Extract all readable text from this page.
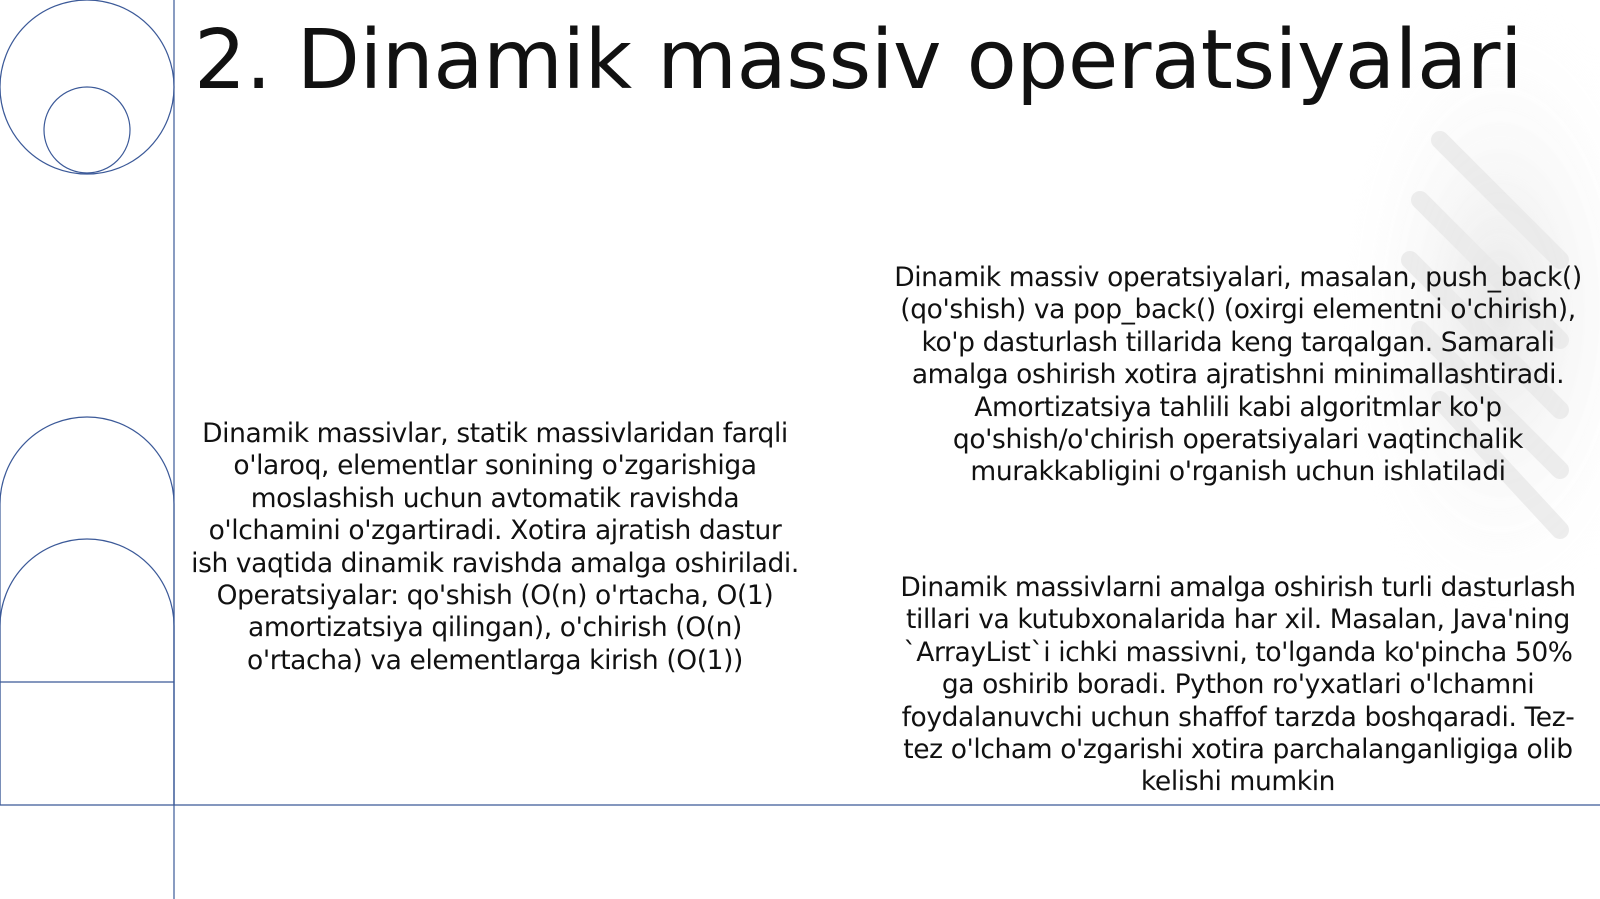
2. Dinamik massiv operatsiyalari

Dinamik massivlar, statik massivlaridan farqli o'laroq, elementlar sonining o'zgarishiga moslashish uchun avtomatik ravishda o'lchamini o'zgartiradi. Xotira ajratish dastur ish vaqtida dinamik ravishda amalga oshiriladi. Operatsiyalar: qo'shish (O(n) o'rtacha, O(1) amortizatsiya qilingan), o'chirish (O(n) o'rtacha) va elementlarga kirish (O(1))

Dinamik massiv operatsiyalari, masalan, push_back() (qo'shish) va pop_back() (oxirgi elementni o'chirish), ko'p dasturlash tillarida keng tarqalgan. Samarali amalga oshirish xotira ajratishni minimallashtiradi. Amortizatsiya tahlili kabi algoritmlar ko'p qo'shish/o'chirish operatsiyalari vaqtinchalik murakkabligini o'rganish uchun ishlatiladi

Dinamik massivlarni amalga oshirish turli dasturlash tillari va kutubxonalarida har xil. Masalan, Java'ning `ArrayList`i ichki massivni, to'lganda ko'pincha 50% ga oshirib boradi. Python ro'yxatlari o'lchamni foydalanuvchi uchun shaffof tarzda boshqaradi. Tez-tez o'lcham o'zgarishi xotira parchalanganligiga olib kelishi mumkin
